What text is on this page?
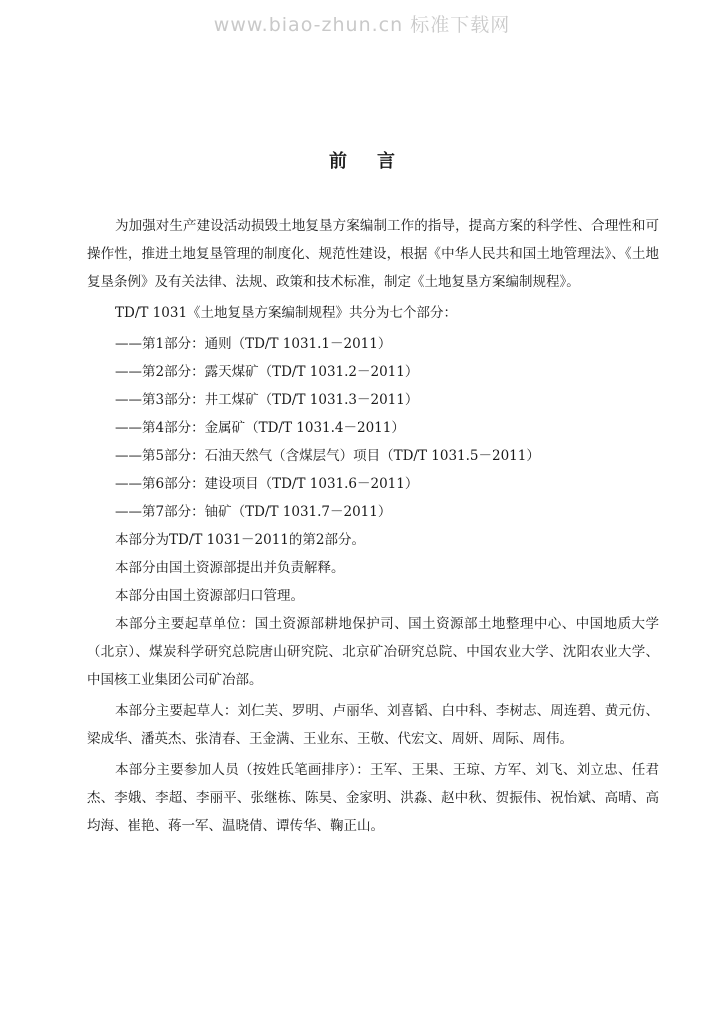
www.biao-zhun.cn 标准下载网
前言

为加强对生产建设活动损毁土地复垦方案编制工作的指导，提高方案的科学性、合理性和可操作性，推进土地复垦管理的制度化、规范性建设，根据《中华人民共和国土地管理法》、《土地复垦条例》及有关法律、法规、政策和技术标准，制定《土地复垦方案编制规程》。

TD/T 1031《土地复垦方案编制规程》共分为七个部分：

——第1部分：通则（TD/T 1031.1－2011）

——第2部分：露天煤矿（TD/T 1031.2－2011）

——第3部分：井工煤矿（TD/T 1031.3－2011）

——第4部分：金属矿（TD/T 1031.4－2011）

——第5部分：石油天然气（含煤层气）项目（TD/T 1031.5－2011）

——第6部分：建设项目（TD/T 1031.6－2011）

——第7部分：铀矿（TD/T 1031.7－2011）

本部分为TD/T 1031－2011的第2部分。

本部分由国土资源部提出并负责解释。

本部分由国土资源部归口管理。

本部分主要起草单位：国土资源部耕地保护司、国土资源部土地整理中心、中国地质大学（北京）、煤炭科学研究总院唐山研究院、北京矿冶研究总院、中国农业大学、沈阳农业大学、中国核工业集团公司矿冶部。

本部分主要起草人：刘仁芙、罗明、卢丽华、刘喜韬、白中科、李树志、周连碧、黄元仿、梁成华、潘英杰、张清春、王金满、王业东、王敬、代宏文、周妍、周际、周伟。

本部分主要参加人员（按姓氏笔画排序）：王军、王果、王琼、方军、刘飞、刘立忠、任君杰、李娥、李超、李丽平、张继栋、陈昊、金家明、洪淼、赵中秋、贺振伟、祝怡斌、高晴、高均海、崔艳、蒋一军、温晓倩、谭传华、鞠正山。
